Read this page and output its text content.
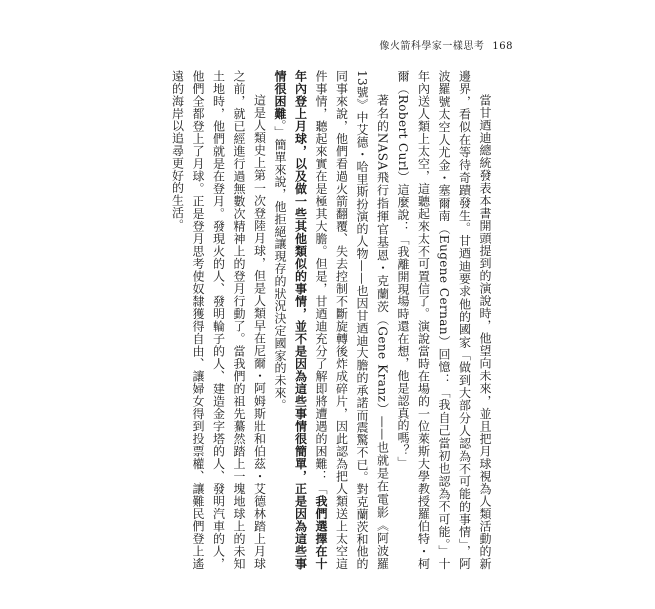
像火箭科學家一樣思考 168

當甘迺迪總統發表本書開頭提到的演說時，他望向未來，並且把月球視為人類活動的新邊界，看似在等待奇蹟發生。甘迺迪要求他的國家「做到大部分人認為不可能的事情」，阿波羅號太空人尤金・塞爾南（Eugene Cernan）回憶：「我自己當初也認為不可能。」十年內送人類上太空，這聽起來太不可置信了。演說當時在場的一位萊斯大學教授羅伯特・柯爾（Robert Curl）這麼說：「我離開現場時還在想，他是認真的嗎？」

著名的NASA飛行指揮官基恩・克蘭茨（Gene Kranz）——也就是在電影《阿波羅13號》中艾德・哈里斯扮演的人物——也因甘迺迪大膽的承諾而震驚不已。對克蘭茨和他的同事來說，他們看過火箭翻覆、失去控制不斷旋轉後炸成碎片，因此認為把人類送上太空這件事情，聽起來實在是極其大膽。但是，甘迺迪充分了解即將遭遇的困難：「我們選擇在十年內登上月球，以及做一些其他類似的事情，並不是因為這些事情很簡單，正是因為這些事情很困難。」簡單來說，他拒絕讓現存的狀況決定國家的未來。

這是人類史上第一次登陸月球，但是人類早在尼爾・阿姆斯壯和伯茲・艾德林踏上月球之前，就已經進行過無數次精神上的登月行動了。當我們的祖先驀然踏上一塊地球上的未知土地時，他們就是在登月。發現火的人、發明輪子的人、建造金字塔的人、發明汽車的人，他們全都登上了月球。正是登月思考使奴隸獲得自由、讓婦女得到投票權、讓難民們登上遙遠的海岸以追尋更好的生活。
